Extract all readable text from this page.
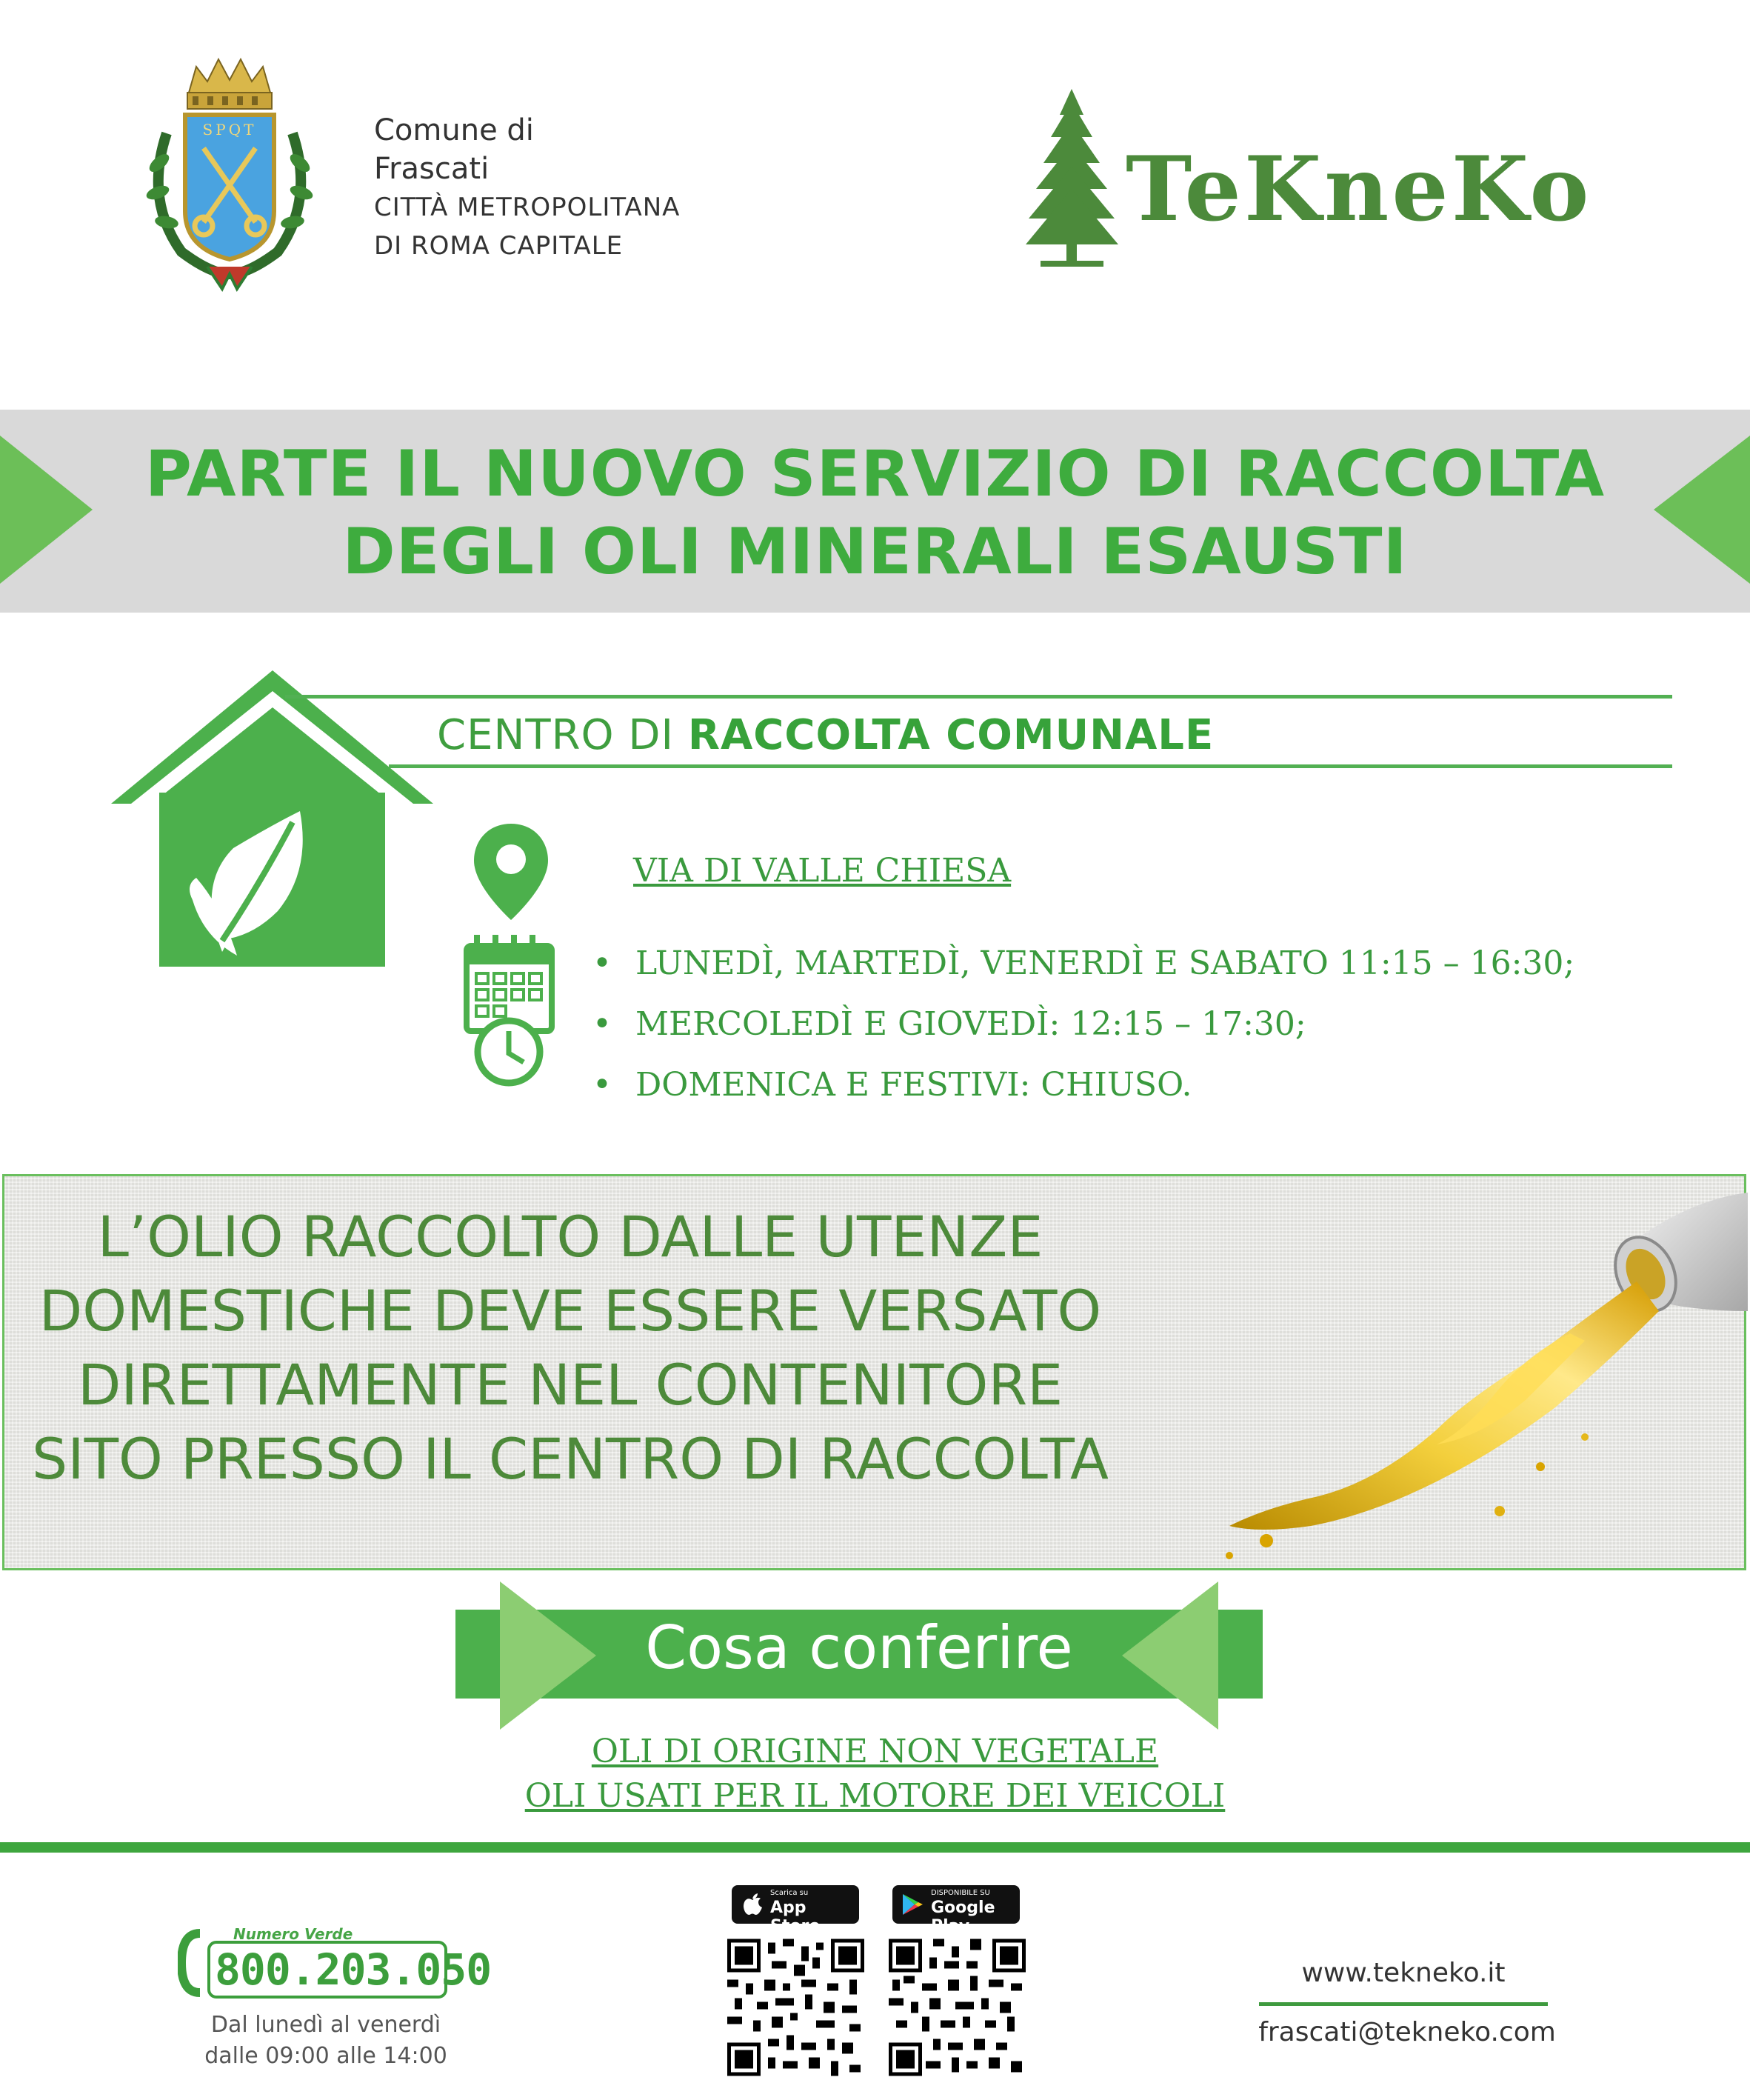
SPQT	Comune di
Frascati
CITTÀ METROPOLITANA
DI ROMA CAPITALE
TeKneKo
PARTE IL NUOVO SERVIZIO DI RACCOLTA
DEGLI OLI MINERALI ESAUSTI
CENTRO DI RACCOLTA COMUNALE
VIA DI VALLE CHIESA
• LUNEDÌ, MARTEDÌ, VENERDÌ E SABATO 11:15 – 16:30;
• MERCOLEDÌ E GIOVEDÌ: 12:15 – 17:30;
• DOMENICA E FESTIVI: CHIUSO.
L’OLIO RACCOLTO DALLE UTENZE
DOMESTICHE DEVE ESSERE VERSATO
DIRETTAMENTE NEL CONTENITORE
SITO PRESSO IL CENTRO DI RACCOLTA
Cosa conferire
OLI DI ORIGINE NON VEGETALE
OLI USATI PER IL MOTORE DEI VEICOLI
Numero Verde
800.203.050
Dal lunedì al venerdì
dalle 09:00 alle 14:00
Scarica su
App Store
DISPONIBILE SU
Google Play
www.tekneko.it
frascati@tekneko.com
